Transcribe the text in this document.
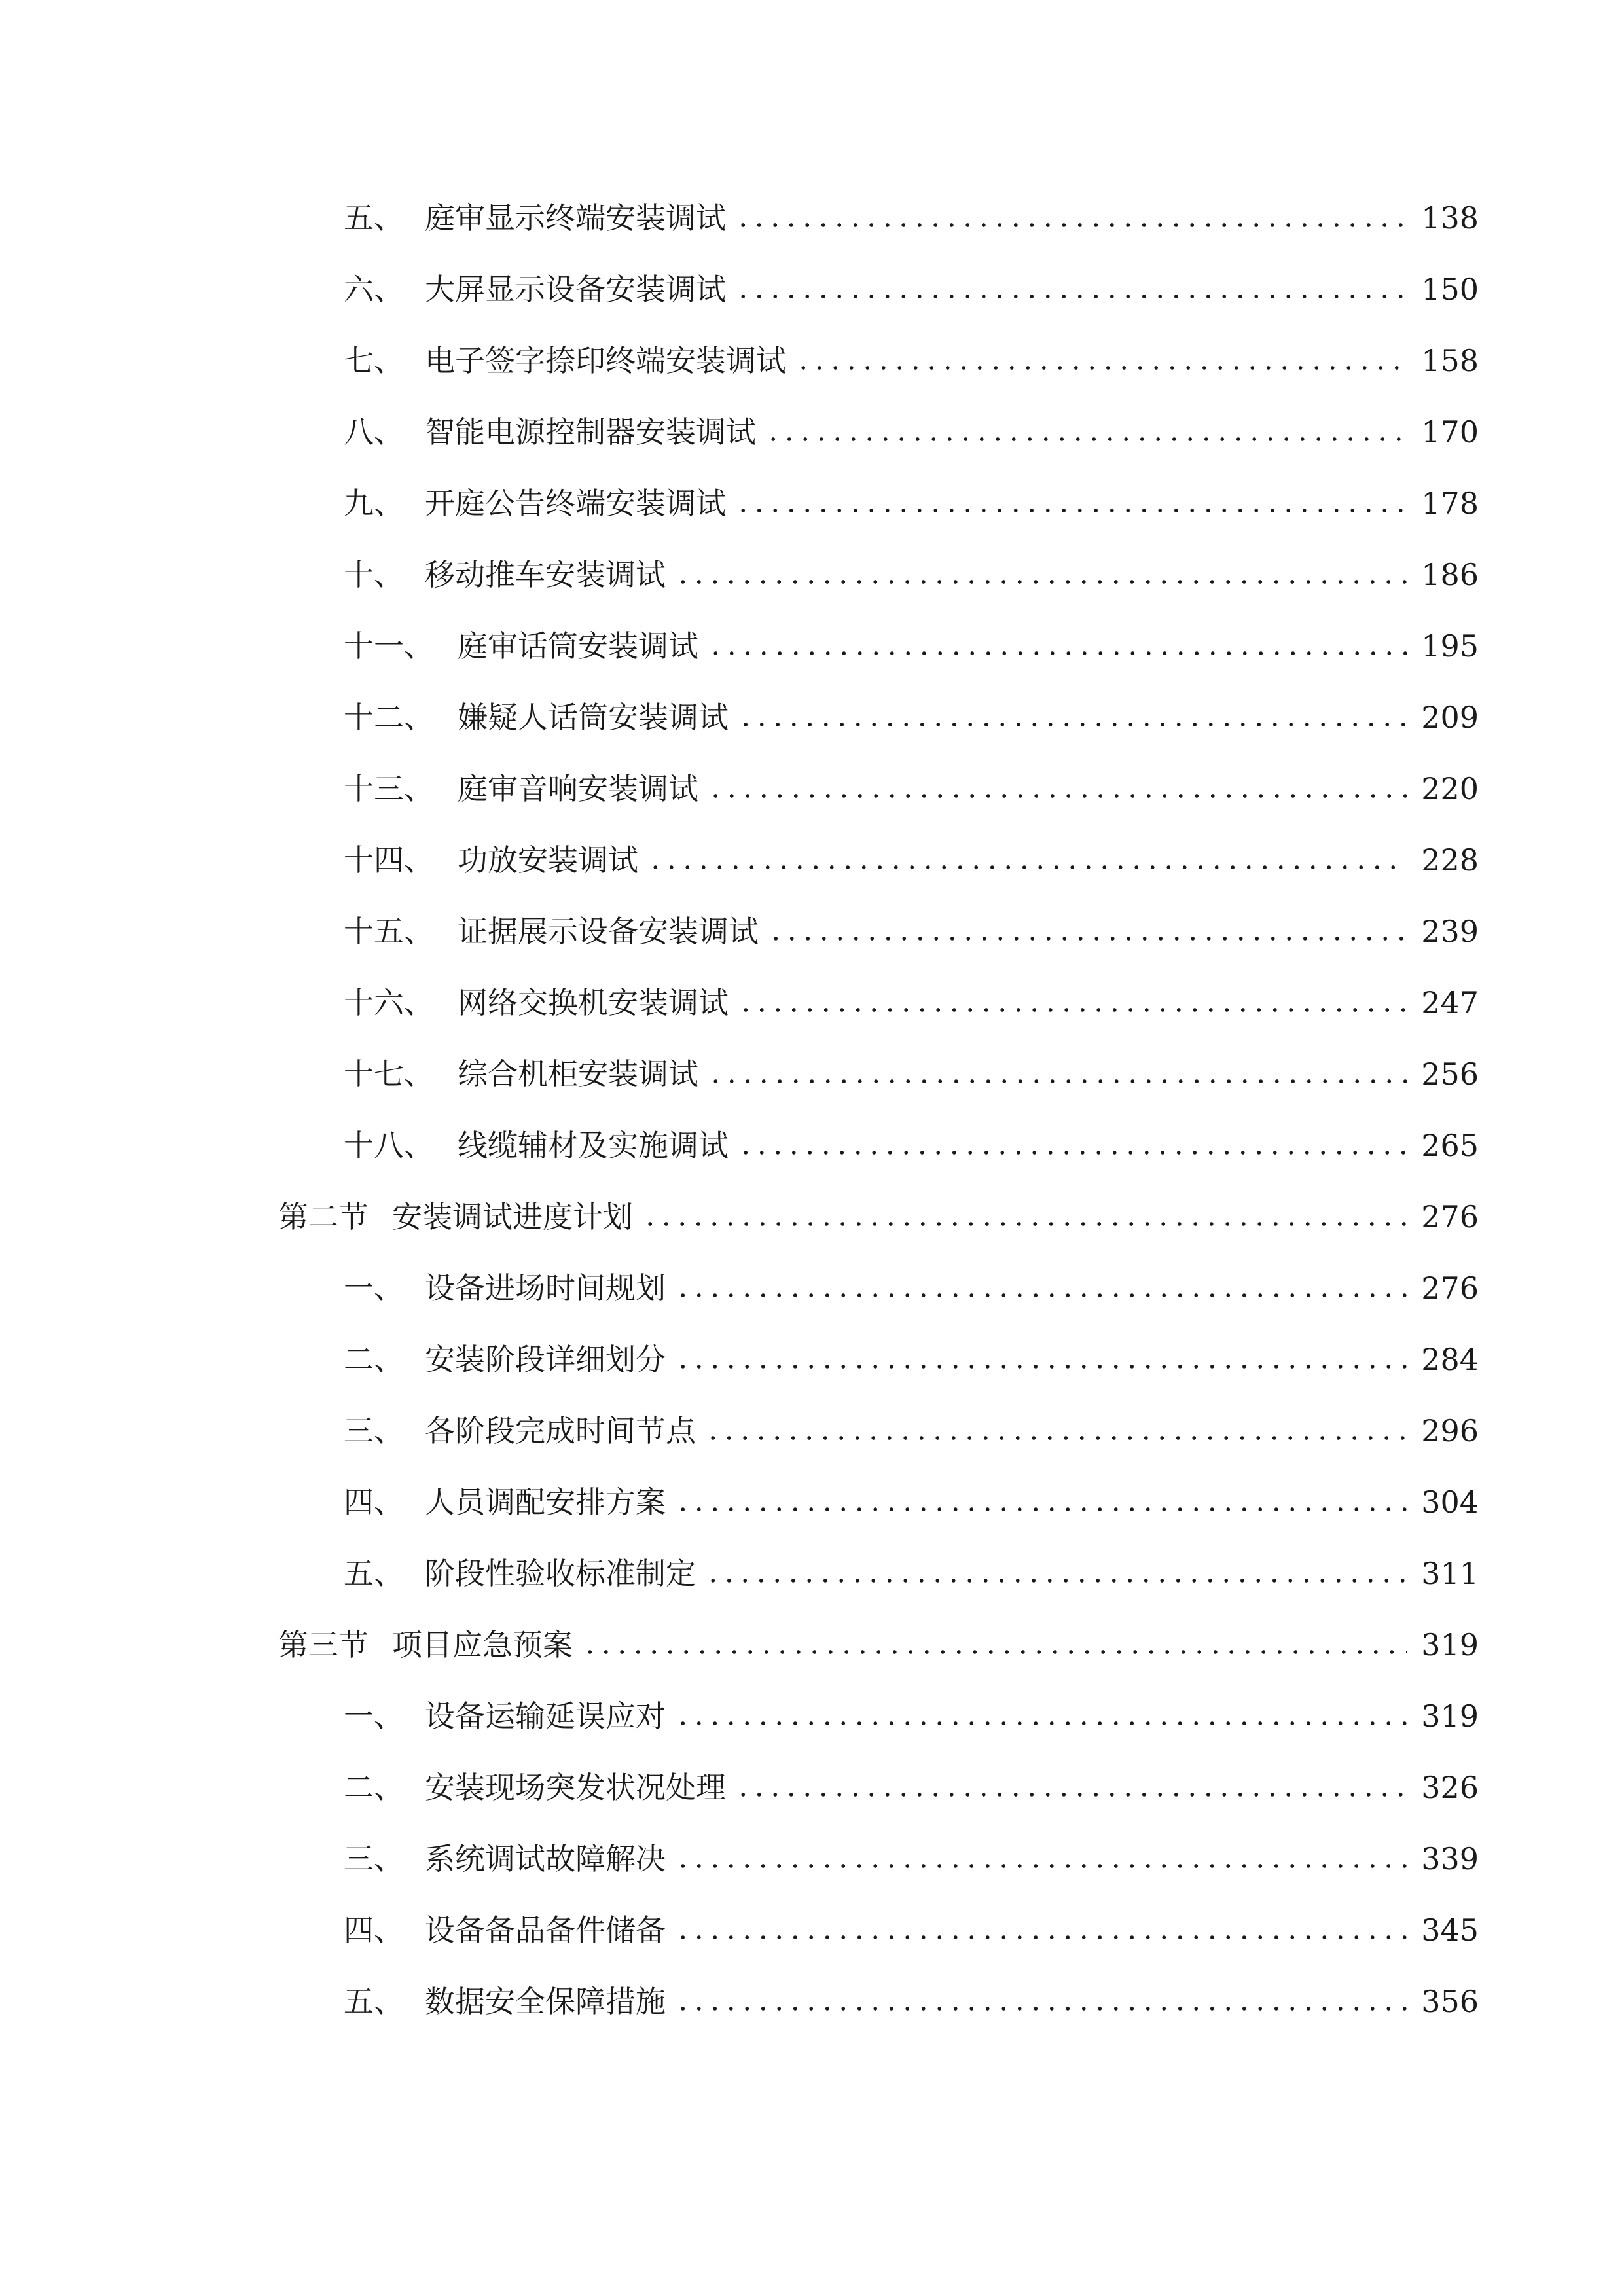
五、 庭审显示终端安装调试	138
六、 大屏显示设备安装调试	150
七、 电子签字捺印终端安装调试	158
八、 智能电源控制器安装调试	170
九、 开庭公告终端安装调试	178
十、 移动推车安装调试	186
十一、 庭审话筒安装调试	195
十二、 嫌疑人话筒安装调试	209
十三、 庭审音响安装调试	220
十四、 功放安装调试	228
十五、 证据展示设备安装调试	239
十六、 网络交换机安装调试	247
十七、 综合机柜安装调试	256
十八、 线缆辅材及实施调试	265
第二节 安装调试进度计划	276
一、 设备进场时间规划	276
二、 安装阶段详细划分	284
三、 各阶段完成时间节点	296
四、 人员调配安排方案	304
五、 阶段性验收标准制定	311
第三节 项目应急预案	319
一、 设备运输延误应对	319
二、 安装现场突发状况处理	326
三、 系统调试故障解决	339
四、 设备备品备件储备	345
五、 数据安全保障措施	356
